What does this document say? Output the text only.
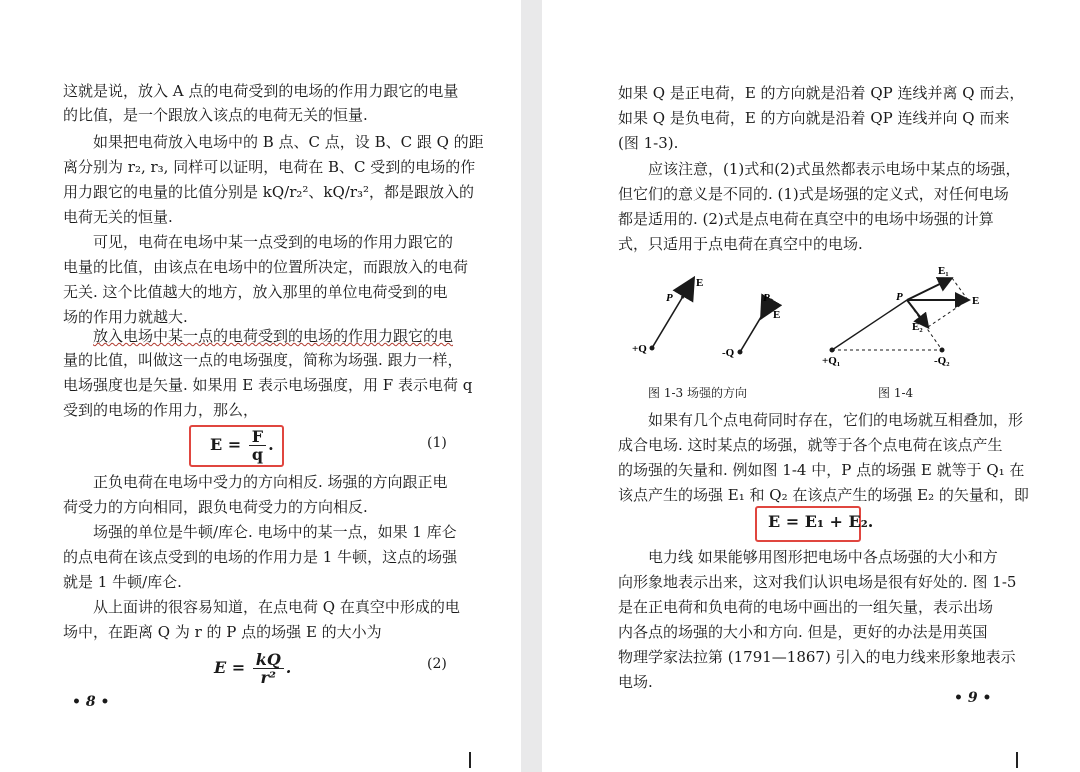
这就是说，放入 A 点的电荷受到的电场的作用力跟它的电量
的比值，是一个跟放入该点的电荷无关的恒量.
如果把电荷放入电场中的 B 点、C 点，设 B、C 跟 Q 的距
离分别为 r₂, r₃, 同样可以证明，电荷在 B、C 受到的电场的作
用力跟它的电量的比值分别是 kQ/r₂²、kQ/r₃²，都是跟放入的
电荷无关的恒量.
可见，电荷在电场中某一点受到的电场的作用力跟它的
电量的比值，由该点在电场中的位置所决定，而跟放入的电荷
无关. 这个比值越大的地方，放入那里的单位电荷受到的电
场的作用力就越大.
放入电场中某一点的电荷受到的电场的作用力跟它的电
量的比值，叫做这一点的电场强度，简称为场强. 跟力一样，
电场强度也是矢量. 如果用 E 表示电场强度，用 F 表示电荷 q
受到的电场的作用力，那么，
$E = \frac{F}{q}$ .	(1)
正负电荷在电场中受力的方向相反. 场强的方向跟正电
荷受力的方向相同，跟负电荷受力的方向相反.
场强的单位是牛顿/库仑. 电场中的某一点，如果 1 库仑
的点电荷在该点受到的电场的作用力是 1 牛顿，这点的场强
就是 1 牛顿/库仑.
从上面讲的很容易知道，在点电荷 Q 在真空中形成的电
场中，在距离 Q 为 r 的 P 点的场强 E 的大小为
$E = \frac{kQ}{\text{r²}}$ .	(2)
• 8 •
如果 Q 是正电荷，E 的方向就是沿着 QP 连线并离 Q 而去，
如果 Q 是负电荷，E 的方向就是沿着 QP 连线并向 Q 而来
(图 1-3).
应该注意，(1)式和(2)式虽然都表示电场中某点的场强，
但它们的意义是不同的. (1)式是场强的定义式，对任何电场
都是适用的. (2)式是点电荷在真空中的电场中场强的计算
式，只适用于点电荷在真空中的电场.
+Q
P
E
-Q
P
E
E₁
P	E
E₂
+Q₁	-Q₂
图 1-3 场强的方向	图 1-4
如果有几个点电荷同时存在，它们的电场就互相叠加，形
成合电场. 这时某点的场强，就等于各个点电荷在该点产生
的场强的矢量和. 例如图 1-4 中，P 点的场强 E 就等于 Q₁ 在
该点产生的场强 E₁ 和 Q₂ 在该点产生的场强 E₂ 的矢量和，即
E = E₁ + E₂.
电力线 如果能够用图形把电场中各点场强的大小和方
向形象地表示出来，这对我们认识电场是很有好处的. 图 1-5
是在正电荷和负电荷的电场中画出的一组矢量，表示出场
内各点的场强的大小和方向. 但是，更好的办法是用英国
物理学家法拉第 (1791—1867) 引入的电力线来形象地表示
电场.
• 9 •
